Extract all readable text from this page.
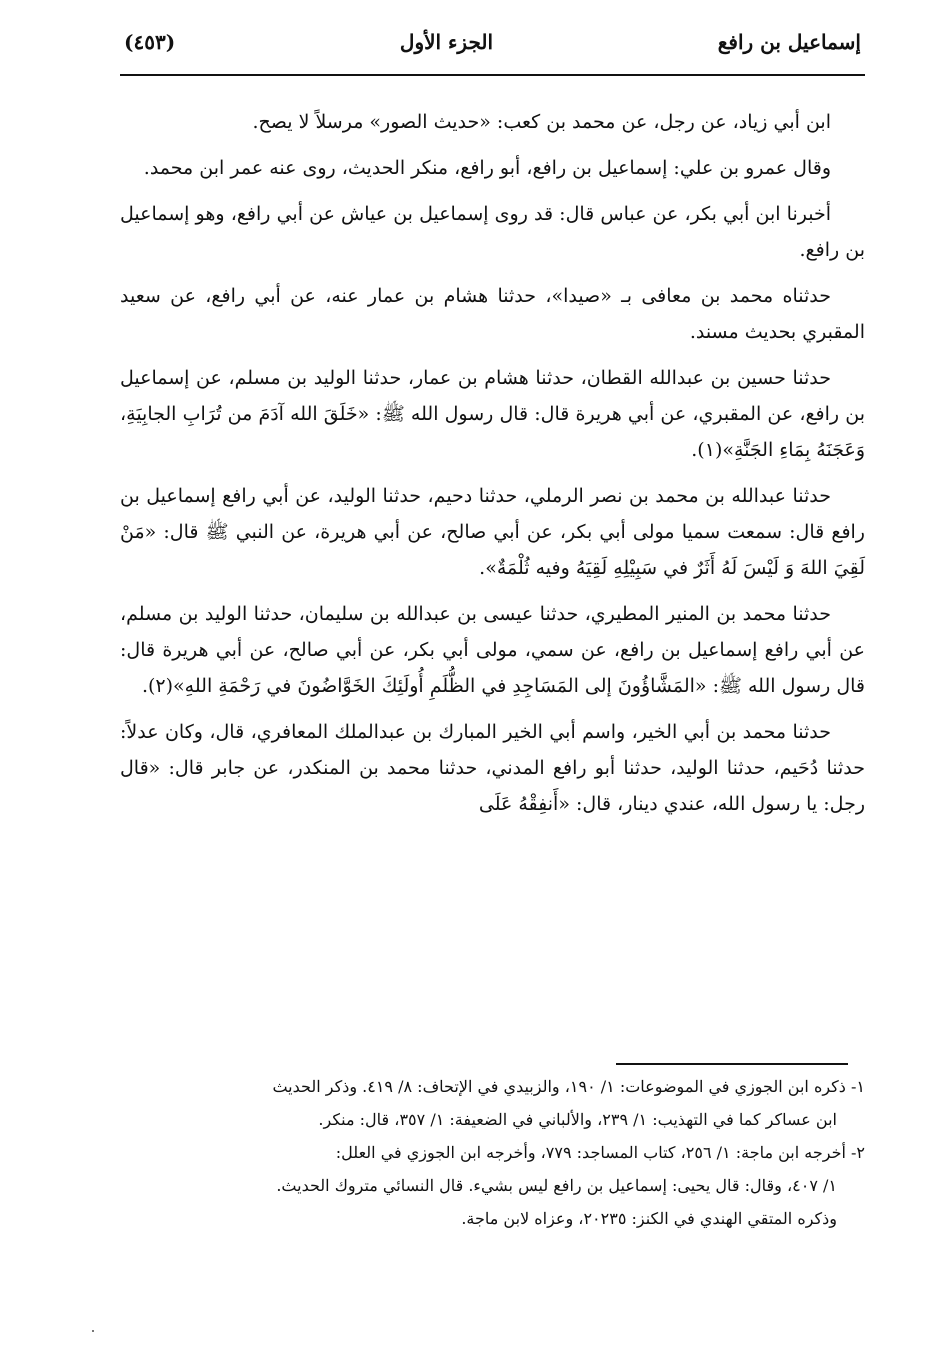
إسماعيل بن رافع
الجزء الأول
(٤٥٣)

ابن أبي زياد، عن رجل، عن محمد بن كعب: «حديث الصور» مرسلاً لا يصح.

وقال عمرو بن علي: إسماعيل بن رافع، أبو رافع، منكر الحديث، روى عنه عمر ابن محمد.

أخبرنا ابن أبي بكر، عن عباس قال: قد روى إسماعيل بن عياش عن أبي رافع، وهو إسماعيل بن رافع.

حدثناه محمد بن معافى بـ «صيدا»، حدثنا هشام بن عمار عنه، عن أبي رافع، عن سعيد المقبري بحديث مسند.

حدثنا حسين بن عبدالله القطان، حدثنا هشام بن عمار، حدثنا الوليد بن مسلم، عن إسماعيل بن رافع، عن المقبري، عن أبي هريرة قال: قال رسول الله ﷺ: «خَلَقَ الله آدَمَ من تُرَابِ الجابِيَةِ، وَعَجَنَهُ بِمَاءِ الجَنَّةِ»(١).

حدثنا عبدالله بن محمد بن نصر الرملي، حدثنا دحيم، حدثنا الوليد، عن أبي رافع إسماعيل بن رافع قال: سمعت سميا مولى أبي بكر، عن أبي صالح، عن أبي هريرة، عن النبي ﷺ قال: «مَنْ لَقِيَ اللهَ وَ لَيْسَ لَهُ أَثَرٌ في سَبِيْلِهِ لَقِيَهُ وفيه ثُلْمَةٌ».

حدثنا محمد بن المنير المطيري، حدثنا عيسى بن عبدالله بن سليمان، حدثنا الوليد بن مسلم، عن أبي رافع إسماعيل بن رافع، عن سمي، مولى أبي بكر، عن أبي صالح، عن أبي هريرة قال: قال رسول الله ﷺ: «المَشَّاؤُونَ إلى المَسَاجِدِ في الظُّلَمِ أُولَئِكَ الخَوَّاضُونَ في رَحْمَةِ اللهِ»(٢).

حدثنا محمد بن أبي الخير، واسم أبي الخير المبارك بن عبدالملك المعافري، قال، وكان عدلاً: حدثنا دُحَيم، حدثنا الوليد، حدثنا أبو رافع المدني، حدثنا محمد بن المنكدر، عن جابر قال: «قال رجل: يا رسول الله، عندي دينار، قال: «أَنفِقْهُ عَلَى

١- ذكره ابن الجوزي في الموضوعات: ١/ ١٩٠، والزبيدي في الإتحاف: ٨/ ٤١٩. وذكر الحديث

ابن عساكر كما في التهذيب: ١/ ٢٣٩، والألباني في الضعيفة: ١/ ٣٥٧، قال: منكر.

٢- أخرجه ابن ماجة: ١/ ٢٥٦، كتاب المساجد: ٧٧٩، وأخرجه ابن الجوزي في العلل:

١/ ٤٠٧، وقال: قال يحيى: إسماعيل بن رافع ليس بشيء. قال النسائي متروك الحديث.

وذكره المتقي الهندي في الكنز: ٢٠٢٣٥، وعزاه لابن ماجة.
